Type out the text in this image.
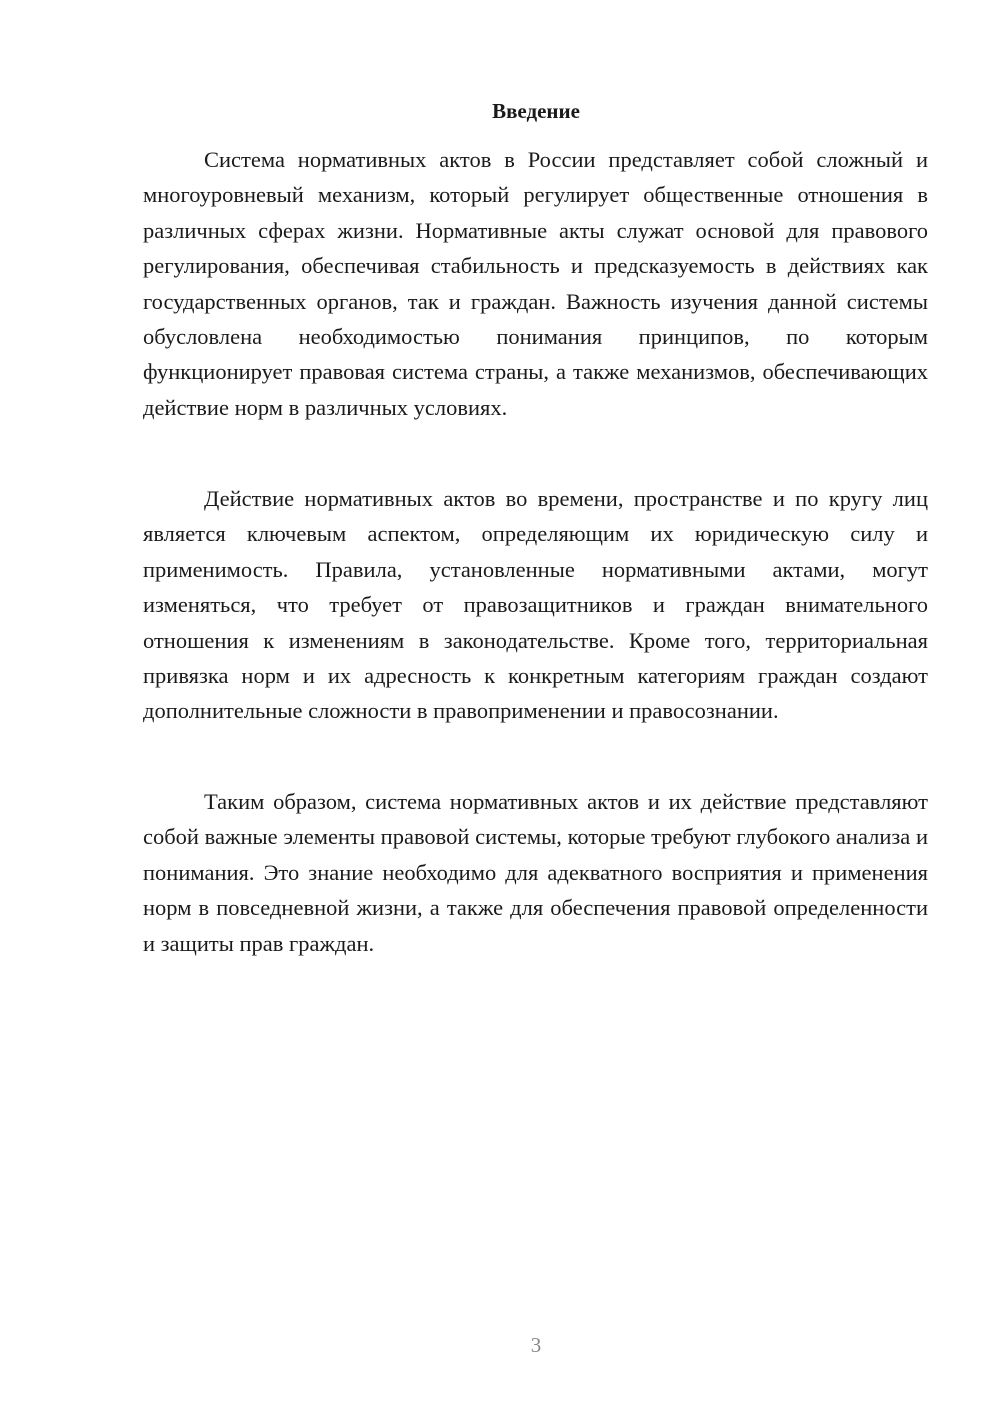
Введение

Система нормативных актов в России представляет собой сложный и многоуровневый механизм, который регулирует общественные отношения в различных сферах жизни. Нормативные акты служат основой для правового регулирования, обеспечивая стабильность и предсказуемость в действиях как государственных органов, так и граждан. Важность изучения данной системы обусловлена необходимостью понимания принципов, по которым функционирует правовая система страны, а также механизмов, обеспечивающих действие норм в различных условиях.

Действие нормативных актов во времени, пространстве и по кругу лиц является ключевым аспектом, определяющим их юридическую силу и применимость. Правила, установленные нормативными актами, могут изменяться, что требует от правозащитников и граждан внимательного отношения к изменениям в законодательстве. Кроме того, территориальная привязка норм и их адресность к конкретным категориям граждан создают дополнительные сложности в правоприменении и правосознании.

Таким образом, система нормативных актов и их действие представляют собой важные элементы правовой системы, которые требуют глубокого анализа и понимания. Это знание необходимо для адекватного восприятия и применения норм в повседневной жизни, а также для обеспечения правовой определенности и защиты прав граждан.

3
